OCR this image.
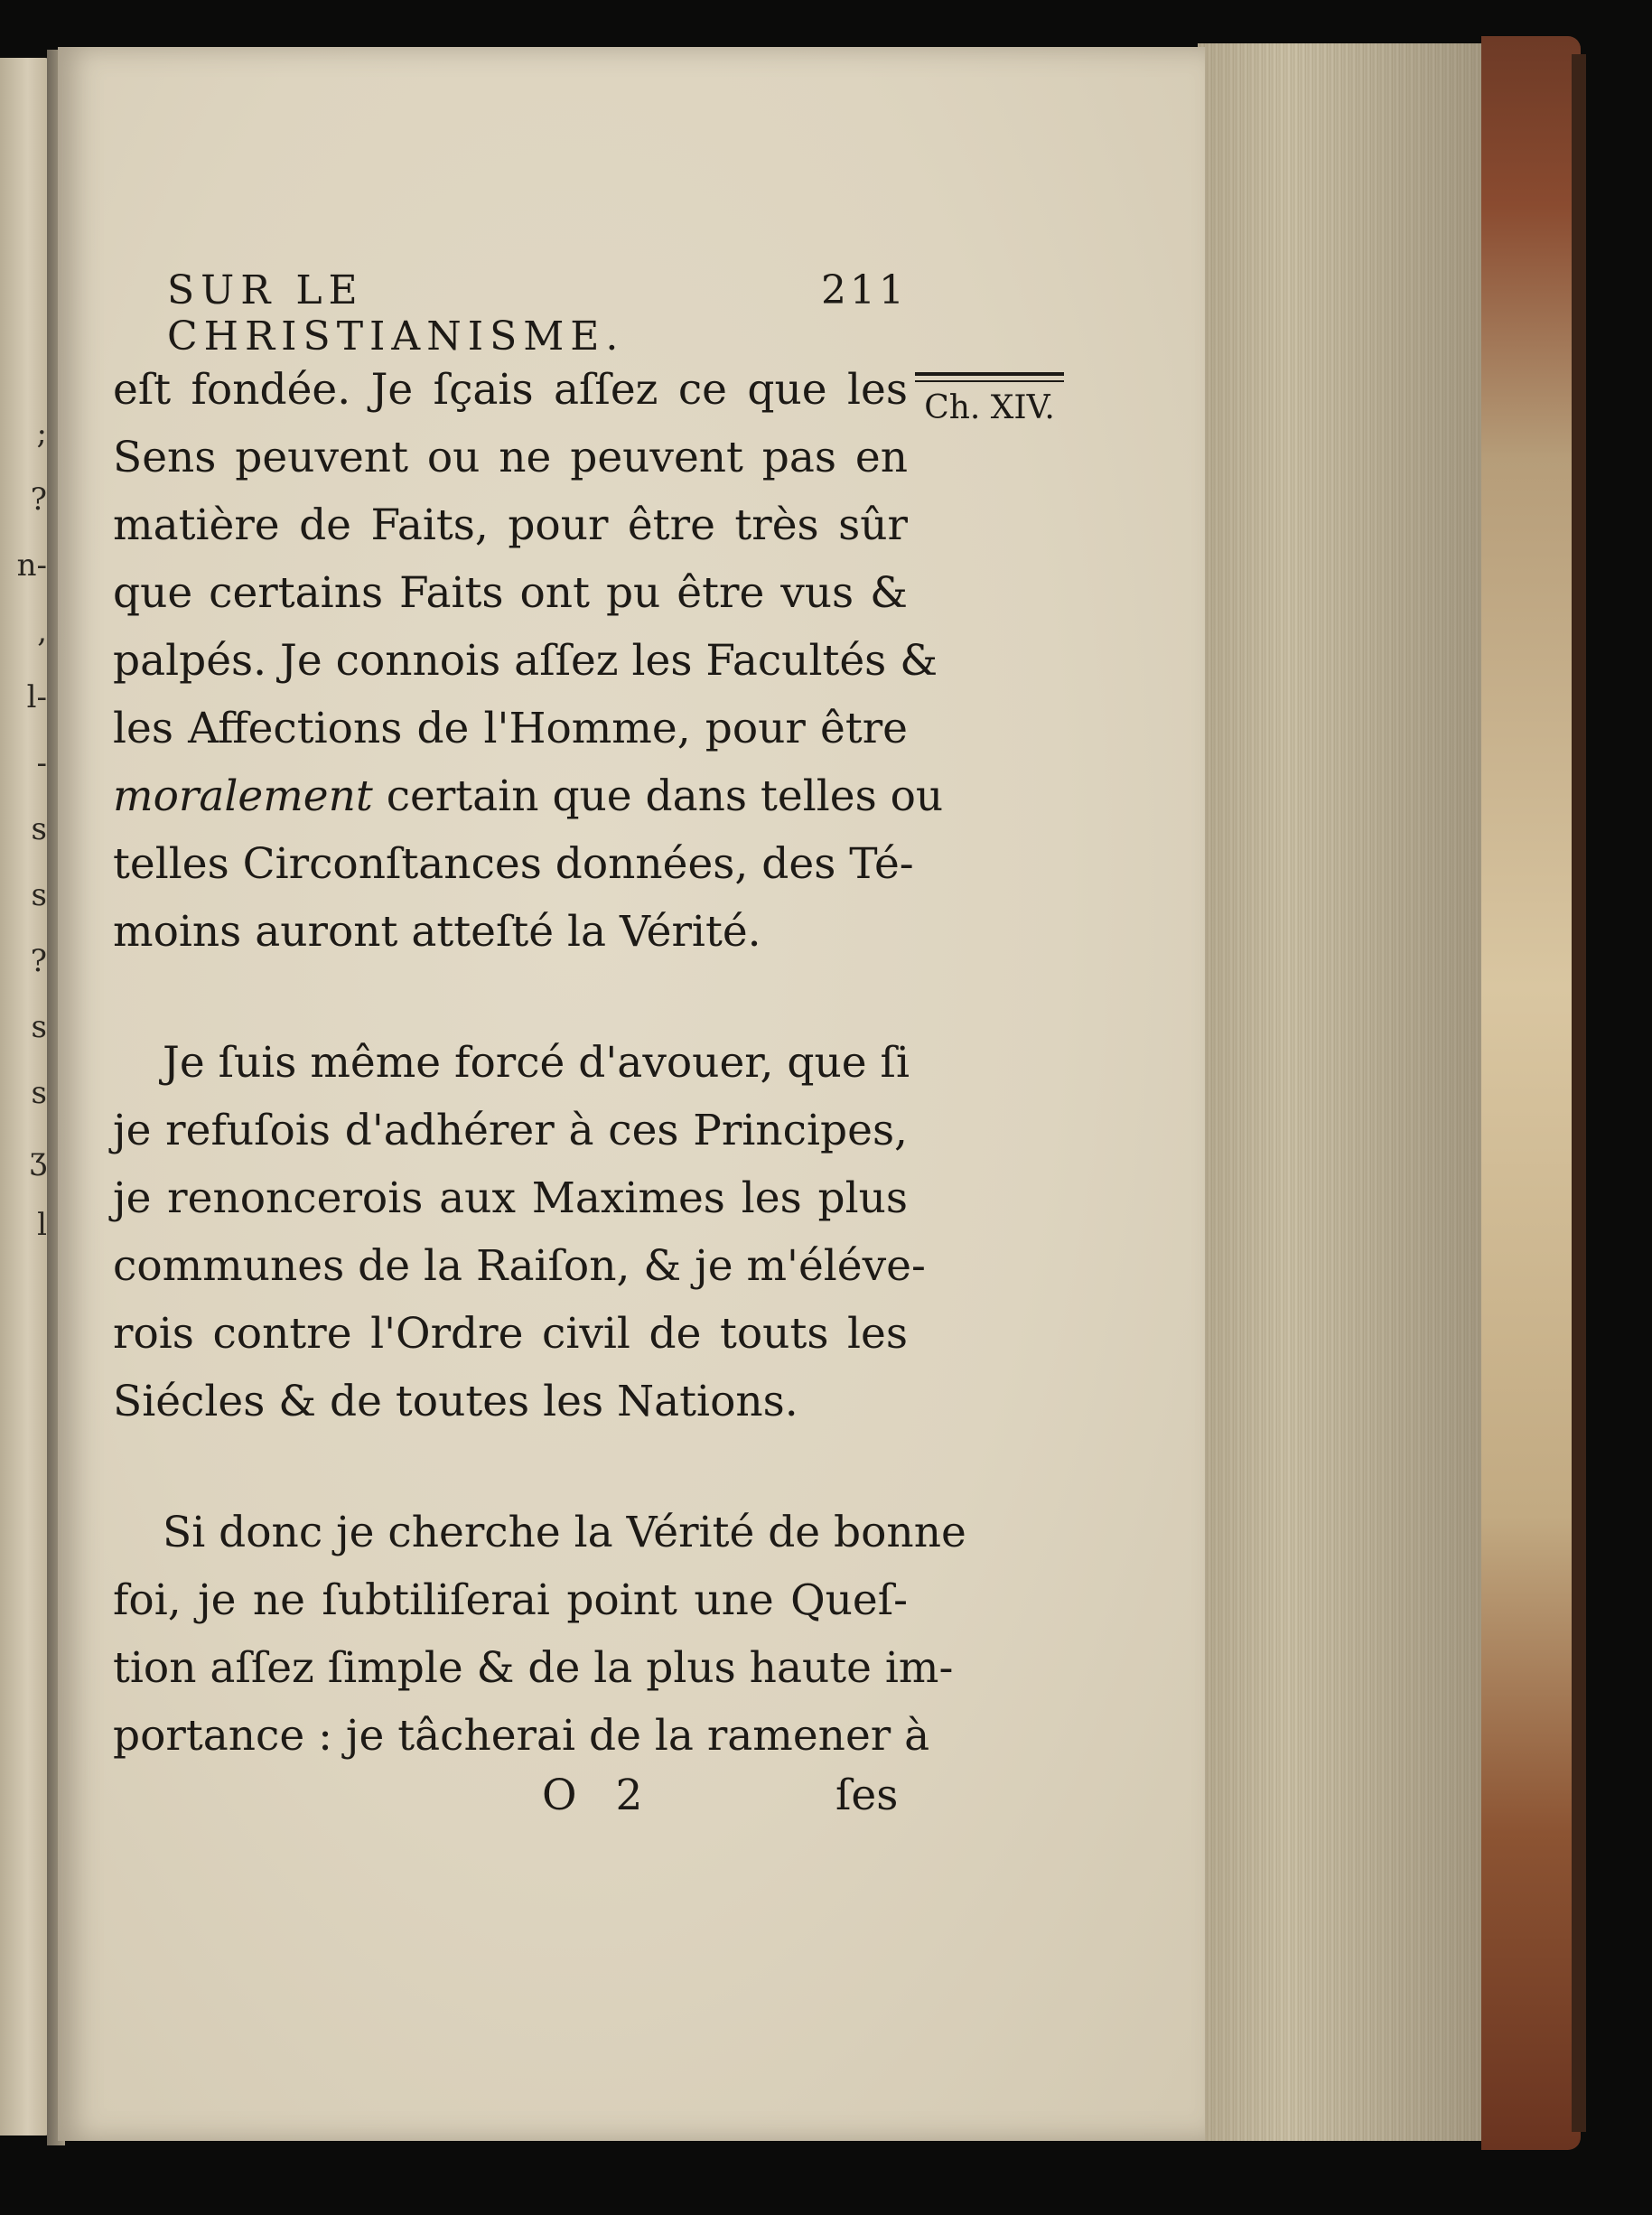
;
?
n-
,
l-
-
s
s
?
s
s
ʒ
l
SUR LE CHRISTIANISME.
211
Ch. XIV.
eſt fondée. Je ſçais aſſez ce que les
Sens peuvent ou ne peuvent pas en
matière de Faits, pour être très sûr
que certains Faits ont pu être vus &
palpés. Je connois aſſez les Facultés &
les Affections de l'Homme, pour être
moralement certain que dans telles ou
telles Circonſtances données, des Té-
moins auront atteſté la Vérité.
Je ſuis même forcé d'avouer, que ſi
je refuſois d'adhérer à ces Principes,
je renoncerois aux Maximes les plus
communes de la Raiſon, & je m'éléve-
rois contre l'Ordre civil de touts les
Siécles & de toutes les Nations.
Si donc je cherche la Vérité de bonne
foi, je ne ſubtiliſerai point une Queſ-
tion aſſez ſimple & de la plus haute im-
portance : je tâcherai de la ramener à
O 2	ſes
